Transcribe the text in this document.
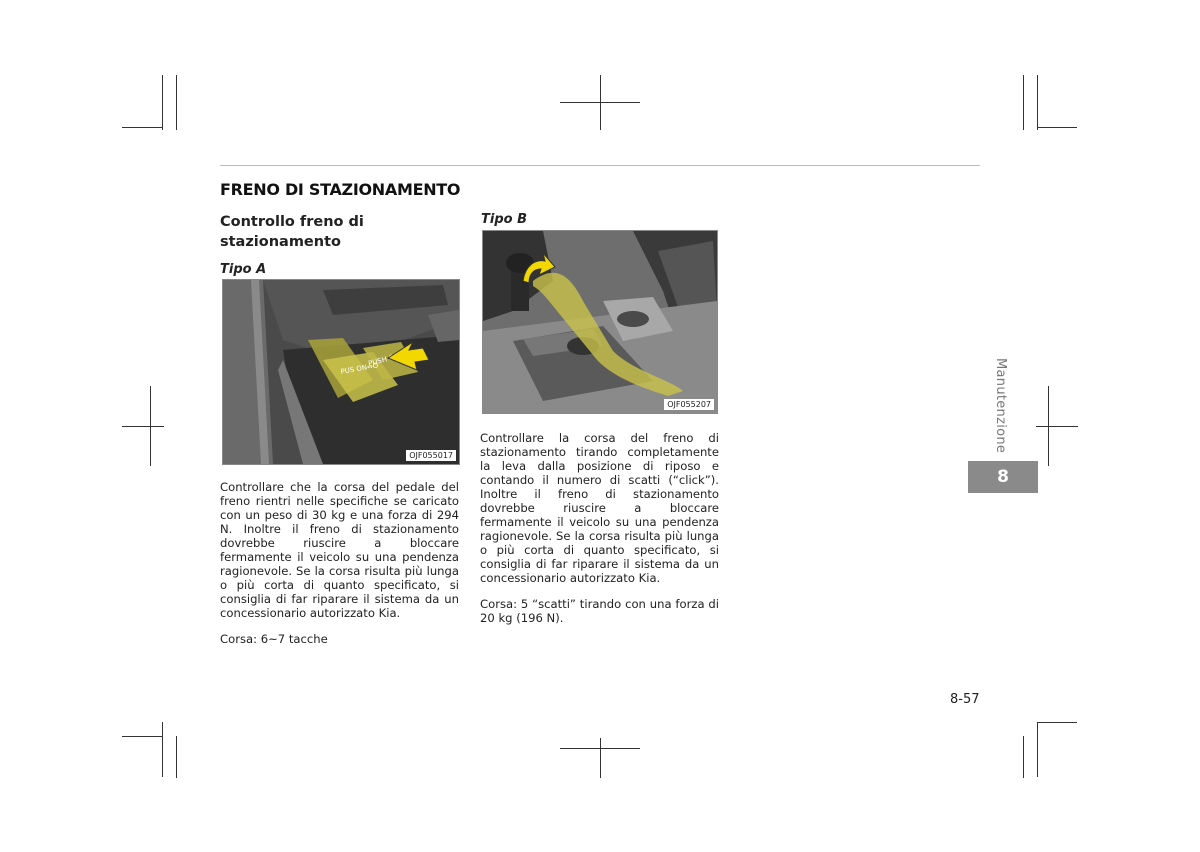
FRENO DI STAZIONAMENTO
Controllo freno di stazionamento
Tipo A
PUS ON⇔O
PUSH
OJF055017

Controllare che la corsa del pedale del freno rientri nelle specifiche se caricato con un peso di 30 kg e una forza di 294 N. Inoltre il freno di stazionamento dovrebbe riuscire a bloccare fermamente il veicolo su una pendenza ragionevole. Se la corsa risulta più lunga o più corta di quanto specificato, si consiglia di far riparare il sistema da un concessionario autorizzato Kia.

Corsa: 6~7 tacche

Tipo B
OJF055207

Controllare la corsa del freno di stazionamento tirando completamente la leva dalla posizione di riposo e contando il numero di scatti (“click”). Inoltre il freno di stazionamento dovrebbe riuscire a bloccare fermamente il veicolo su una pendenza ragionevole. Se la corsa risulta più lunga o più corta di quanto specificato, si consiglia di far riparare il sistema da un concessionario autorizzato Kia.

Corsa: 5 “scatti” tirando con una forza di 20 kg (196 N).

Manutenzione
8
8-57
